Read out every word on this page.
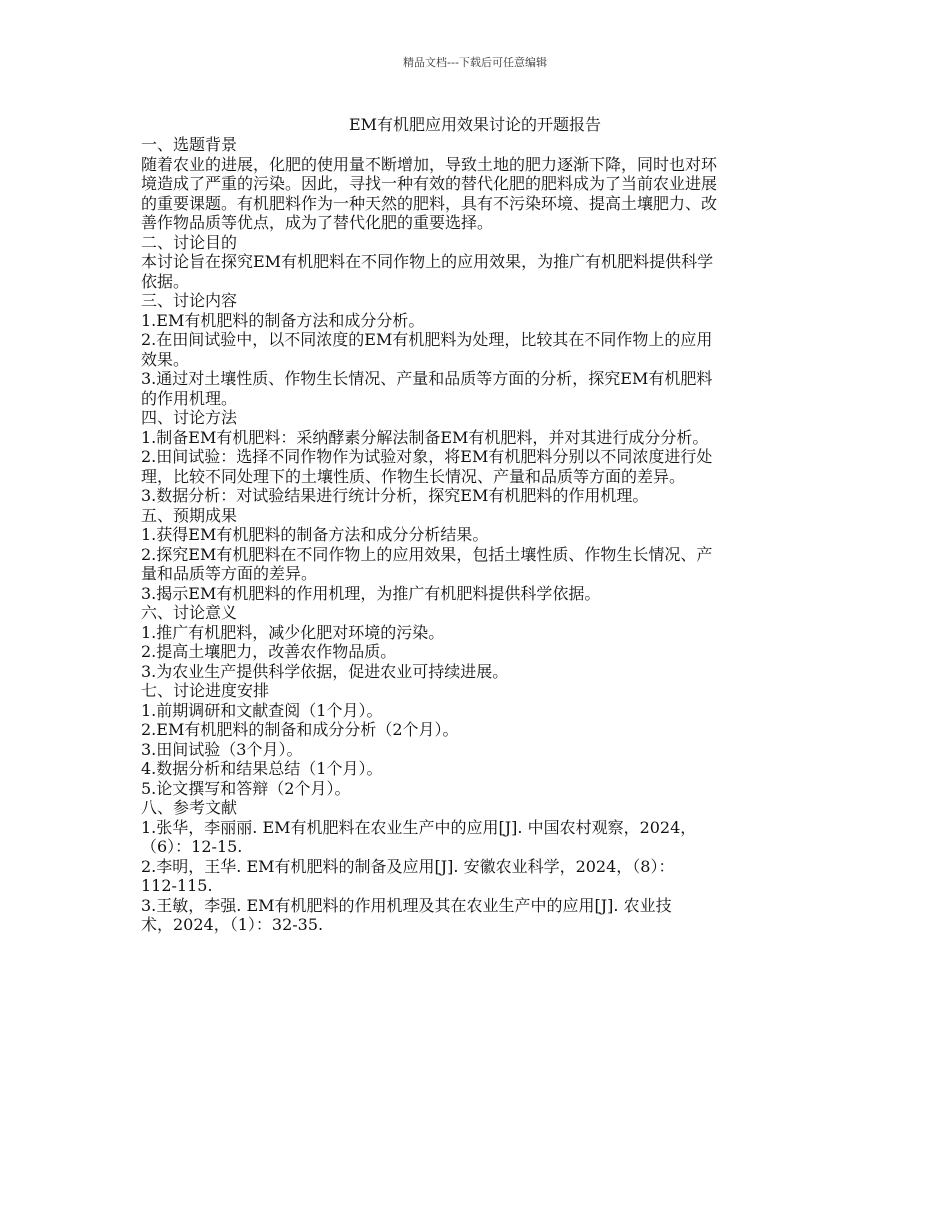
精品文档---下载后可任意编辑
EM有机肥应用效果讨论的开题报告
一、选题背景
随着农业的进展，化肥的使用量不断增加，导致土地的肥力逐渐下降，同时也对环
境造成了严重的污染。因此，寻找一种有效的替代化肥的肥料成为了当前农业进展
的重要课题。有机肥料作为一种天然的肥料，具有不污染环境、提高土壤肥力、改
善作物品质等优点，成为了替代化肥的重要选择。
二、讨论目的
本讨论旨在探究EM有机肥料在不同作物上的应用效果，为推广有机肥料提供科学
依据。
三、讨论内容
1.EM有机肥料的制备方法和成分分析。
2.在田间试验中，以不同浓度的EM有机肥料为处理，比较其在不同作物上的应用
效果。
3.通过对土壤性质、作物生长情况、产量和品质等方面的分析，探究EM有机肥料
的作用机理。
四、讨论方法
1.制备EM有机肥料：采纳酵素分解法制备EM有机肥料，并对其进行成分分析。
2.田间试验：选择不同作物作为试验对象，将EM有机肥料分别以不同浓度进行处
理，比较不同处理下的土壤性质、作物生长情况、产量和品质等方面的差异。
3.数据分析：对试验结果进行统计分析，探究EM有机肥料的作用机理。
五、预期成果
1.获得EM有机肥料的制备方法和成分分析结果。
2.探究EM有机肥料在不同作物上的应用效果，包括土壤性质、作物生长情况、产
量和品质等方面的差异。
3.揭示EM有机肥料的作用机理，为推广有机肥料提供科学依据。
六、讨论意义
1.推广有机肥料，减少化肥对环境的污染。
2.提高土壤肥力，改善农作物品质。
3.为农业生产提供科学依据，促进农业可持续进展。
七、讨论进度安排
1.前期调研和文献查阅（1个月）。
2.EM有机肥料的制备和成分分析（2个月）。
3.田间试验（3个月）。
4.数据分析和结果总结（1个月）。
5.论文撰写和答辩（2个月）。
八、参考文献
1.张华，李丽丽. EM有机肥料在农业生产中的应用[J]. 中国农村观察，2024，
（6）：12-15.
2.李明，王华. EM有机肥料的制备及应用[J]. 安徽农业科学，2024，（8）：
112-115.
3.王敏，李强. EM有机肥料的作用机理及其在农业生产中的应用[J]. 农业技
术，2024，（1）：32-35.
